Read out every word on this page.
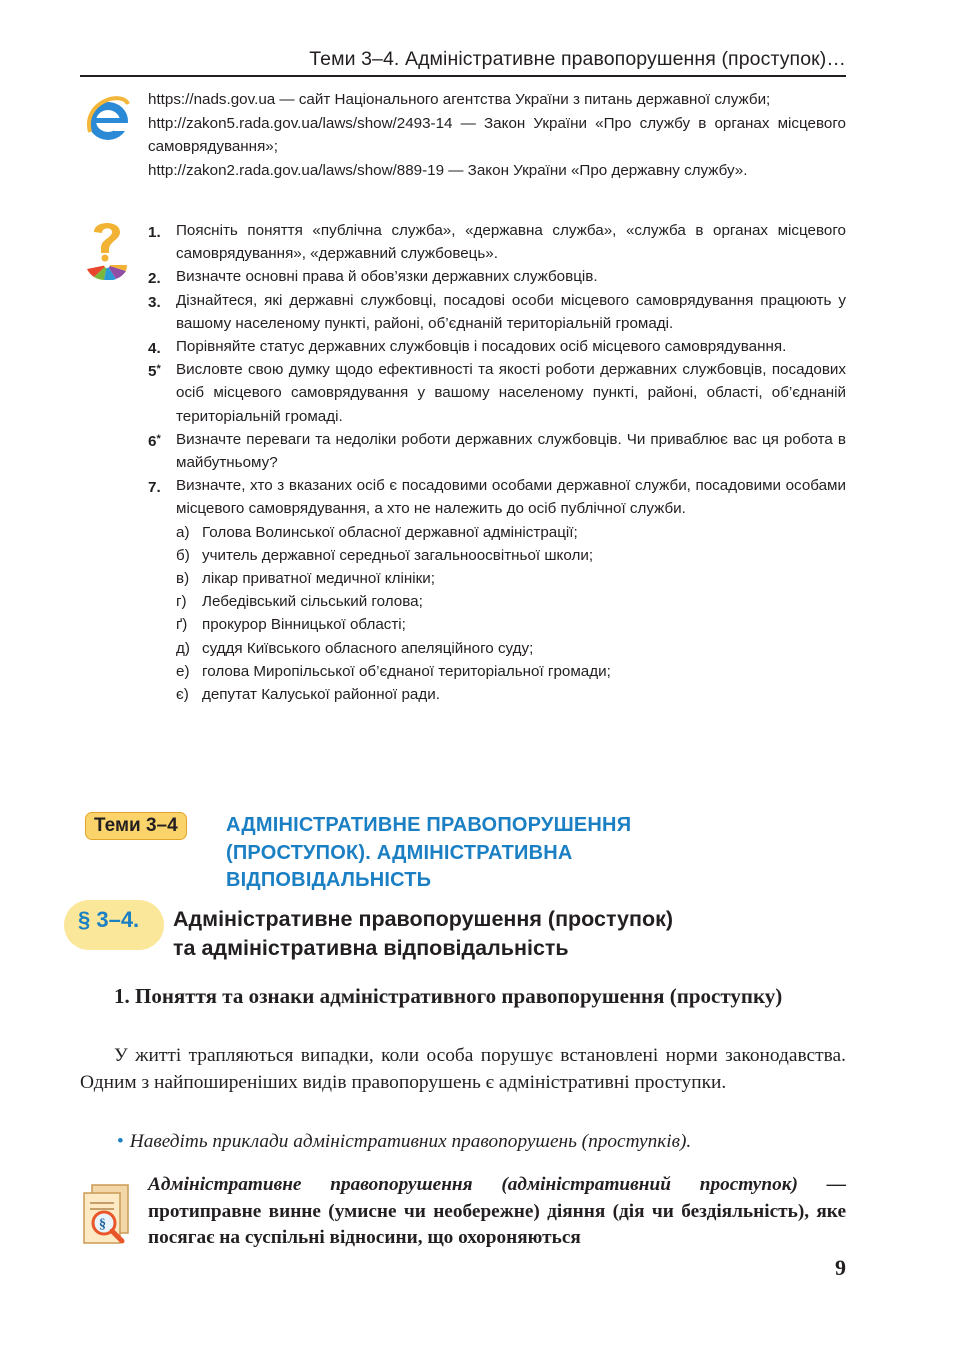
Теми 3–4. Адміністративне правопорушення (проступок)…
https://nads.gov.ua — сайт Національного агентства України з питань державної служби;
http://zakon5.rada.gov.ua/laws/show/2493-14 — Закон України «Про службу в органах місцевого самоврядування»;
http://zakon2.rada.gov.ua/laws/show/889-19 — Закон України «Про державну службу».
1. Поясніть поняття «публічна служба», «державна служба», «служба в органах місцевого самоврядування», «державний службовець».
2. Визначте основні права й обов’язки державних службовців.
3. Дізнайтеся, які державні службовці, посадові особи місцевого самоврядування працюють у вашому населеному пункті, районі, об’єднаній територіальній громаді.
4. Порівняйте статус державних службовців і посадових осіб місцевого самоврядування.
5* Висловте свою думку щодо ефективності та якості роботи державних службовців, посадових осіб місцевого самоврядування у вашому населеному пункті, районі, області, об’єднаній територіальній громаді.
6* Визначте переваги та недоліки роботи державних службовців. Чи приваблює вас ця робота в майбутньому?
7. Визначте, хто з вказаних осіб є посадовими особами державної служби, посадовими особами місцевого самоврядування, а хто не належить до осіб публічної служби.
а) Голова Волинської обласної державної адміністрації;
б) учитель державної середньої загальноосвітньої школи;
в) лікар приватної медичної клініки;
г)	Лебедівський сільський голова;
ґ) прокурор Вінницької області;
д) суддя Київського обласного апеляційного суду;
е) голова Миропільської об’єднаної територіальної громади;
є) депутат Калуської районної ради.
Теми 3–4	АДМІНІСТРАТИВНЕ ПРАВОПОРУШЕННЯ
(ПРОСТУПОК). АДМІНІСТРАТИВНА
ВІДПОВІДАЛЬНІСТЬ
§ 3–4. Адміністративне правопорушення (проступок)
та адміністративна відповідальність
1. Поняття та ознаки адміністративного правопорушення (проступку)
У житті трапляються випадки, коли особа порушує встановлені норми законодавства. Одним з найпоширеніших видів правопорушень є адміністративні проступки.
• Наведіть приклади адміністративних правопорушень (проступків).
§
Адміністративне правопорушення (адміністративний проступок) — протиправне винне (умисне чи необережне) діяння (дія чи бездіяльність), яке посягає на суспільні відносини, що охороняються
9
